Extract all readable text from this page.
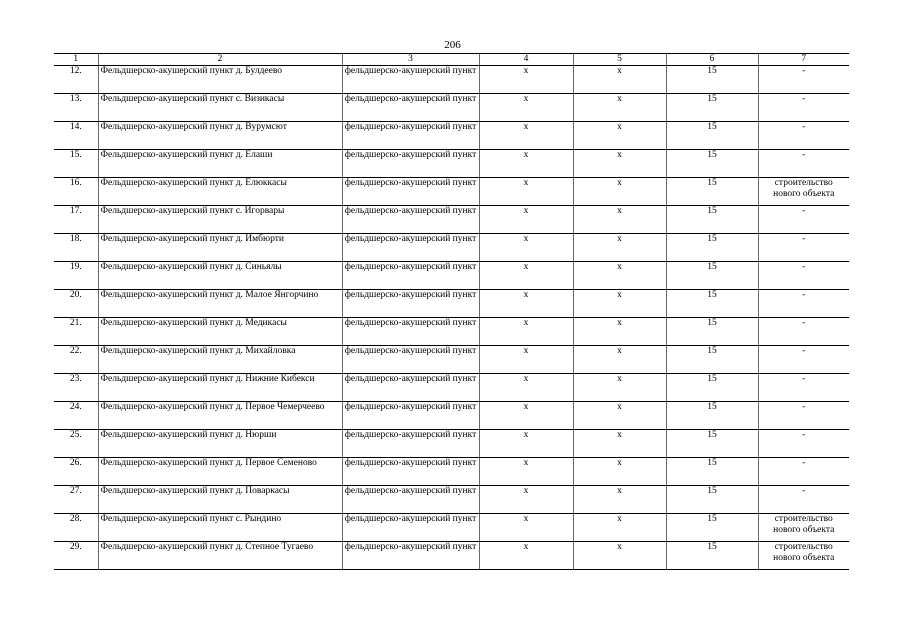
206
1	2	3	4	5	6	7
12.	Фельдшерско-акушерский пункт д. Булдеево	фельдшерско-акушерский пункт	х	х	15	-
13.	Фельдшерско-акушерский пункт с. Визикасы	фельдшерско-акушерский пункт	х	х	15	-
14.	Фельдшерско-акушерский пункт д. Вурумсют	фельдшерско-акушерский пункт	х	х	15	-
15.	Фельдшерско-акушерский пункт д. Елаши	фельдшерско-акушерский пункт	х	х	15	-
16.	Фельдшерско-акушерский пункт д. Елюккасы	фельдшерско-акушерский пункт	х	х	15	строительство нового объекта
17.	Фельдшерско-акушерский пункт с. Игорвары	фельдшерско-акушерский пункт	х	х	15	-
18.	Фельдшерско-акушерский пункт д. Имбюрти	фельдшерско-акушерский пункт	х	х	15	-
19.	Фельдшерско-акушерский пункт д. Синьялы	фельдшерско-акушерский пункт	х	х	15	-
20.	Фельдшерско-акушерский пункт д. Малое Янгорчино	фельдшерско-акушерский пункт	х	х	15	-
21.	Фельдшерско-акушерский пункт д. Медикасы	фельдшерско-акушерский пункт	х	х	15	-
22.	Фельдшерско-акушерский пункт д. Михайловка	фельдшерско-акушерский пункт	х	х	15	-
23.	Фельдшерско-акушерский пункт д. Нижние Кибекси	фельдшерско-акушерский пункт	х	х	15	-
24.	Фельдшерско-акушерский пункт д. Первое Чемерчеево	фельдшерско-акушерский пункт	х	х	15	-
25.	Фельдшерско-акушерский пункт д. Нюрши	фельдшерско-акушерский пункт	х	х	15	-
26.	Фельдшерско-акушерский пункт д. Первое Семеново	фельдшерско-акушерский пункт	х	х	15	-
27.	Фельдшерско-акушерский пункт д. Поваркасы	фельдшерско-акушерский пункт	х	х	15	-
28.	Фельдшерско-акушерский пункт с. Рындино	фельдшерско-акушерский пункт	х	х	15	строительство нового объекта
29.	Фельдшерско-акушерский пункт д. Степное Тугаево	фельдшерско-акушерский пункт	х	х	15	строительство нового объекта
